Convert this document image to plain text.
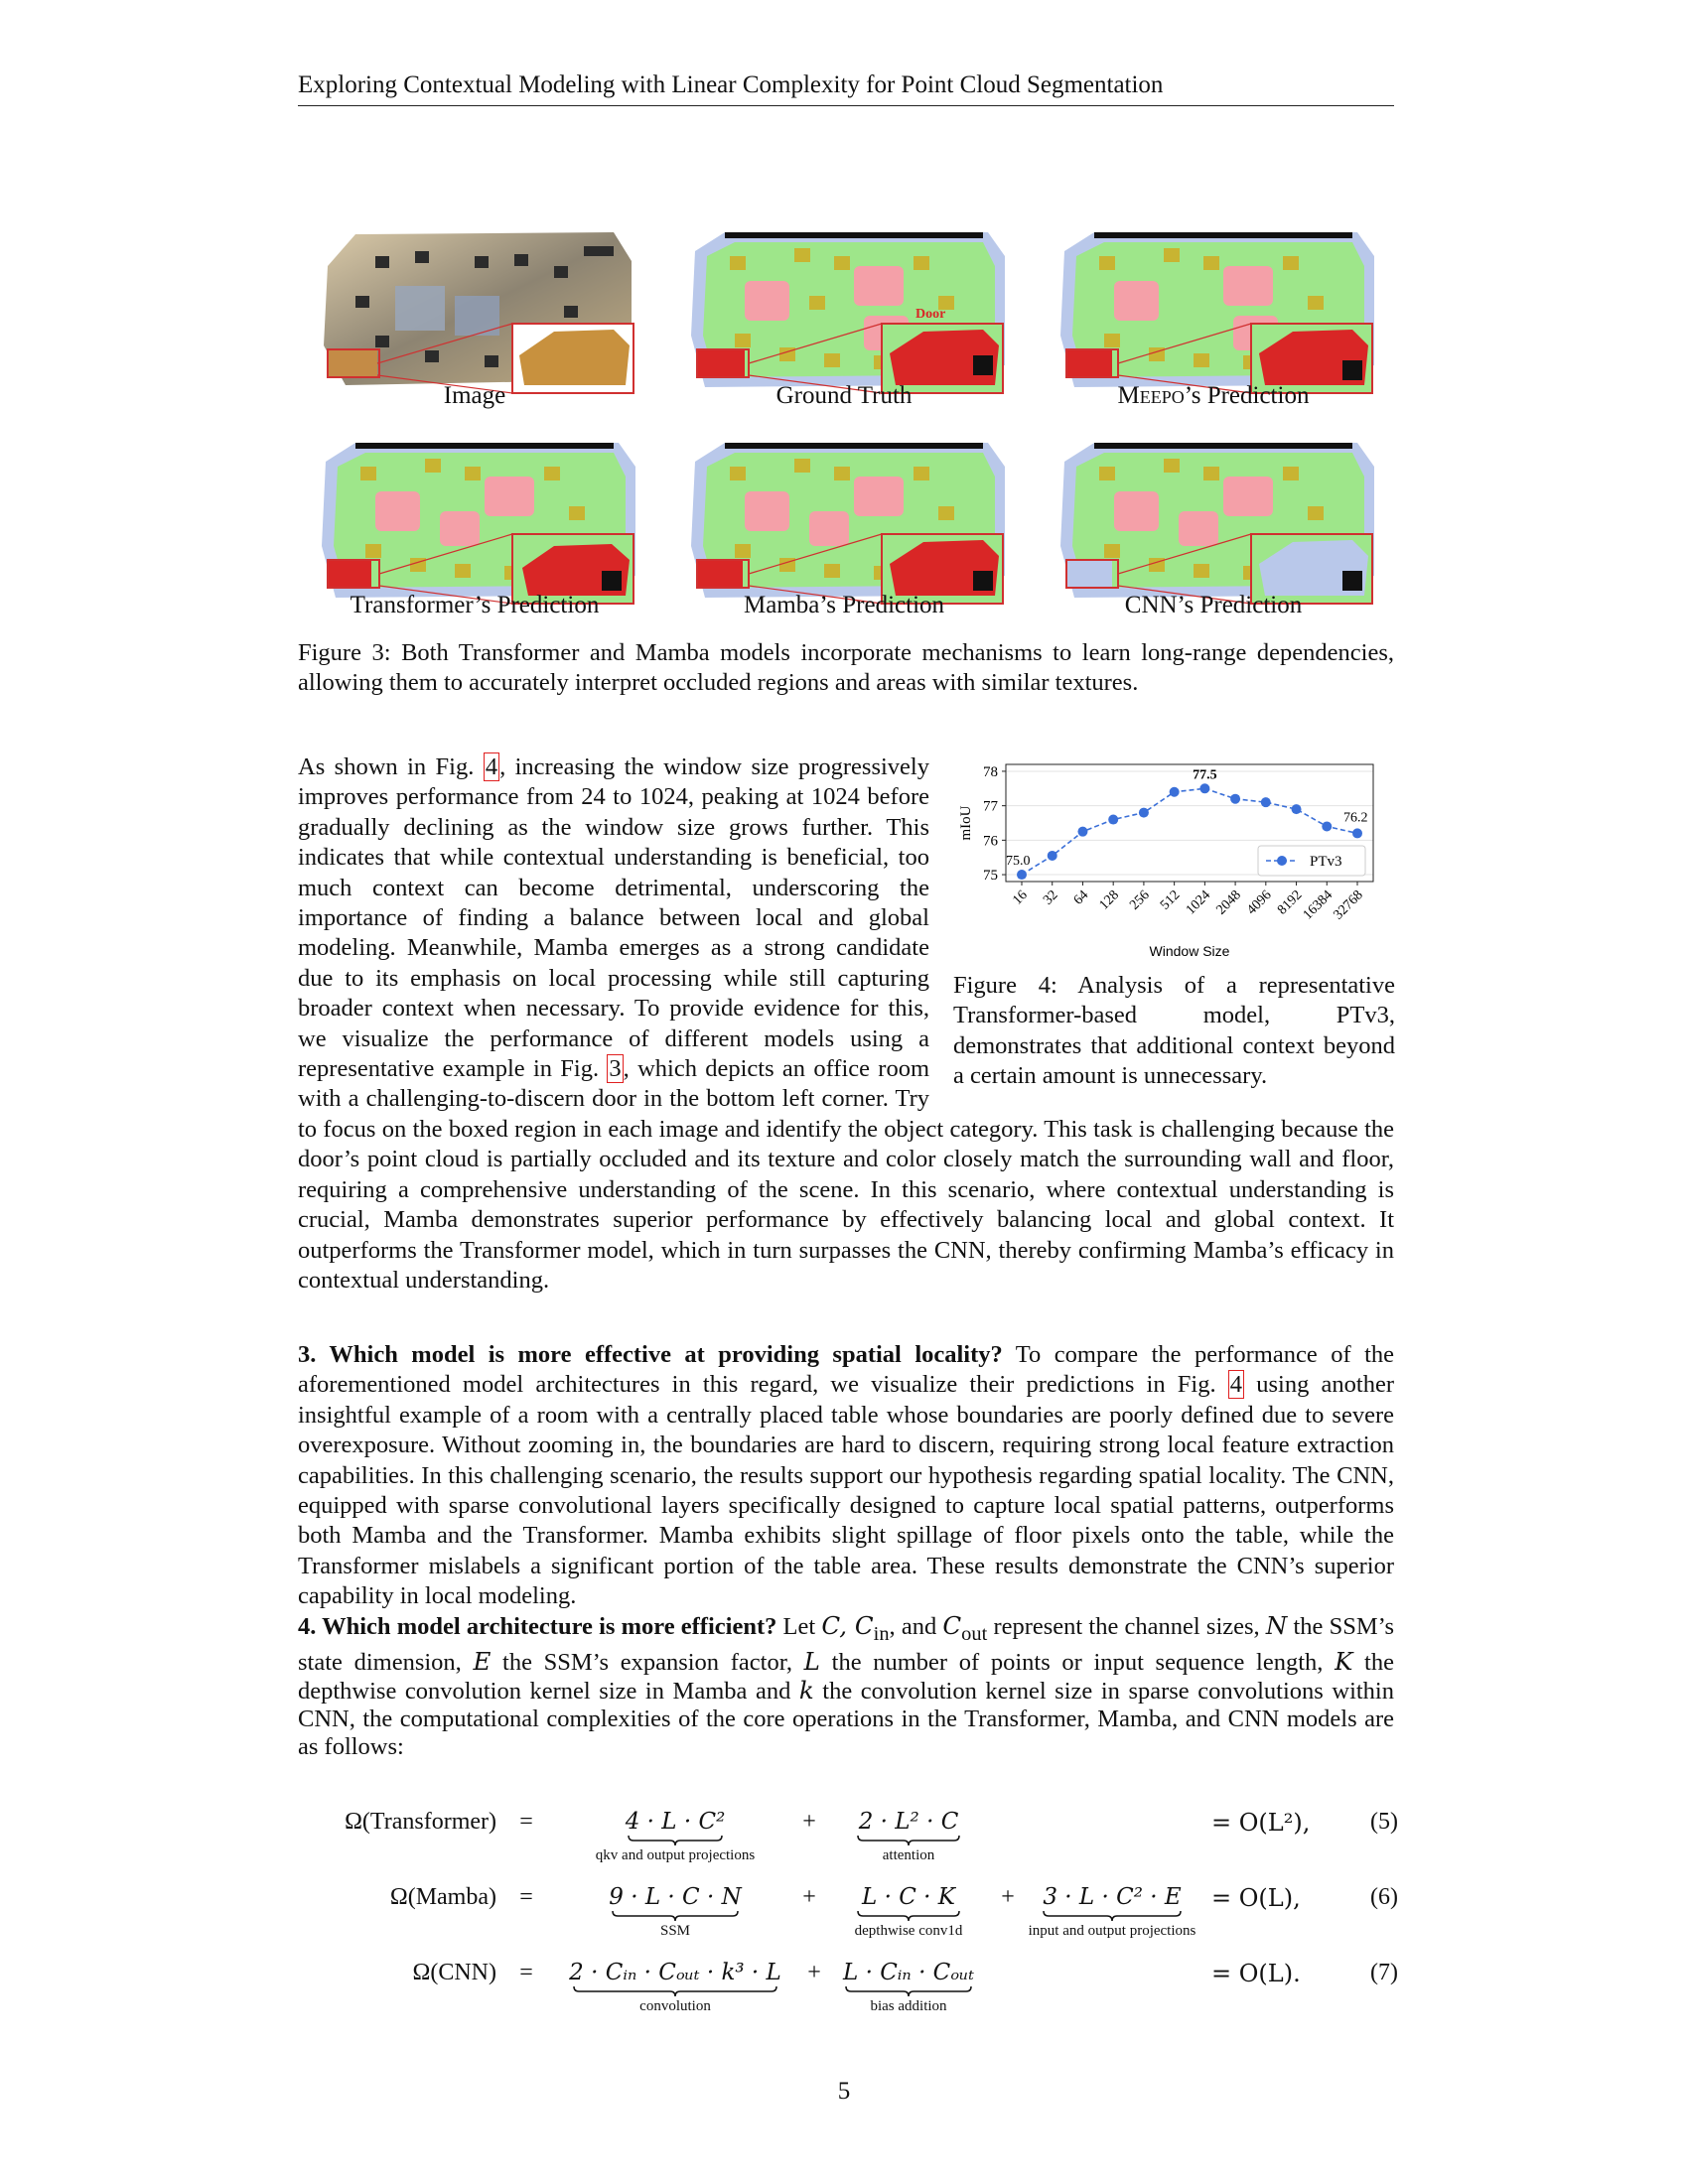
Exploring Contextual Modeling with Linear Complexity for Point Cloud Segmentation
Door
Image	Ground Truth	Meepo’s Prediction
Transformer’s Prediction	Mamba’s Prediction	CNN’s Prediction
Figure 3: Both Transformer and Mamba models incorporate mechanisms to learn long-range dependencies, allowing them to accurately interpret occluded regions and areas with similar textures.
75
76
77
78
mIoU
16 32 64 128 256 512 1024 2048 4096 8192
16384
32768
Window Size
75.0
77.5
76.2
PTv3
Figure 4: Analysis of a representative Transformer-based model, PTv3, demonstrates that additional context beyond a certain amount is unnecessary.

As shown in Fig. 4, increasing the window size progressively improves performance from 24 to 1024, peaking at 1024 before gradually declining as the window size grows further. This indicates that while contextual understanding is beneficial, too much context can become detrimental, underscoring the importance of finding a balance between local and global modeling. Meanwhile, Mamba emerges as a strong candidate due to its emphasis on local processing while still capturing broader context when necessary. To provide evidence for this, we visualize the performance of different models using a representative example in Fig. 3, which depicts an office room with a challenging-to-discern door in the bottom left corner. Try to focus on the boxed region in each image and identify the object category. This task is challenging because the door’s point cloud is partially occluded and its texture and color closely match the surrounding wall and floor, requiring a comprehensive understanding of the scene. In this scenario, where contextual understanding is crucial, Mamba demonstrates superior performance by effectively balancing local and global context. It outperforms the Transformer model, which in turn surpasses the CNN, thereby confirming Mamba’s efficacy in contextual understanding.

3. Which model is more effective at providing spatial locality? To compare the performance of the aforementioned model architectures in this regard, we visualize their predictions in Fig. 4 using another insightful example of a room with a centrally placed table whose boundaries are poorly defined due to severe overexposure. Without zooming in, the boundaries are hard to discern, requiring strong local feature extraction capabilities. In this challenging scenario, the results support our hypothesis regarding spatial locality. The CNN, equipped with sparse convolutional layers specifically designed to capture local spatial patterns, outperforms both Mamba and the Transformer. Mamba exhibits slight spillage of floor pixels onto the table, while the Transformer mislabels a significant portion of the table area. These results demonstrate the CNN’s superior capability in local modeling.

4. Which model architecture is more efficient? Let C, $C_{in}$, and $C_{out}$ represent the channel sizes, N the SSM’s state dimension, E the SSM’s expansion factor, L the number of points or input sequence length, K the depthwise convolution kernel size in Mamba and k the convolution kernel size in sparse convolutions within CNN, the computational complexities of the core operations in the Transformer, Mamba, and CNN models are as follows:

Ω(Transformer) =	4 · L · C²
qkv and output projections
+	2 · L² · C
attention
= O(L²),	(5)
Ω(Mamba) =	9 · L · C · N
SSM
+	L · C · K
depthwise conv1d
+	3 · L · C² · E
input and output projections
= O(L),	(6)
Ω(CNN) =	2 · Cᵢₙ · Cₒᵤₜ · k³ · L
convolution
+ L · Cᵢₙ · Cₒᵤₜ
bias addition
= O(L).	(7)
5
